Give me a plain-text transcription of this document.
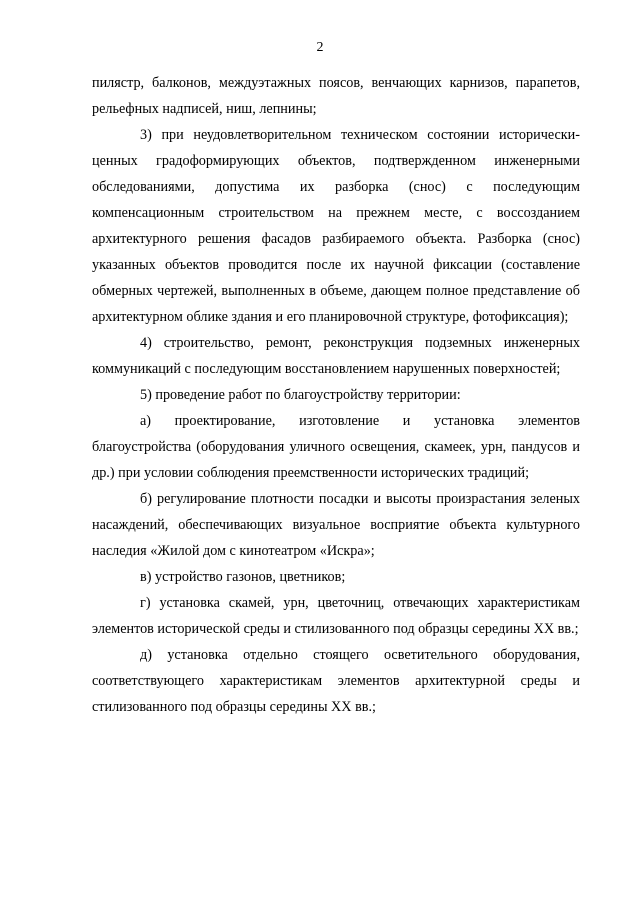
2

пилястр, балконов, междуэтажных поясов, венчающих карнизов, парапетов, рельефных надписей, ниш, лепнины;

3) при неудовлетворительном техническом состоянии исторически-ценных градоформирующих объектов, подтвержденном инженерными обследованиями, допустима их разборка (снос) с последующим компенсационным строительством на прежнем месте, с воссозданием архитектурного решения фасадов разбираемого объекта. Разборка (снос) указанных объектов проводится после их научной фиксации (составление обмерных чертежей, выполненных в объеме, дающем полное представление об архитектурном облике здания и его планировочной структуре, фотофиксация);

4) строительство, ремонт, реконструкция подземных инженерных коммуникаций с последующим восстановлением нарушенных поверхностей;

5) проведение работ по благоустройству территории:

а) проектирование, изготовление и установка элементов благоустройства (оборудования уличного освещения, скамеек, урн, пандусов и др.) при условии соблюдения преемственности исторических традиций;

б) регулирование плотности посадки и высоты произрастания зеленых насаждений, обеспечивающих визуальное восприятие объекта культурного наследия «Жилой дом с кинотеатром «Искра»;

в) устройство газонов, цветников;

г) установка скамей, урн, цветочниц, отвечающих характеристикам элементов исторической среды и стилизованного под образцы середины XX вв.;

д) установка отдельно стоящего осветительного оборудования, соответствующего характеристикам элементов архитектурной среды и стилизованного под образцы середины XX вв.;
